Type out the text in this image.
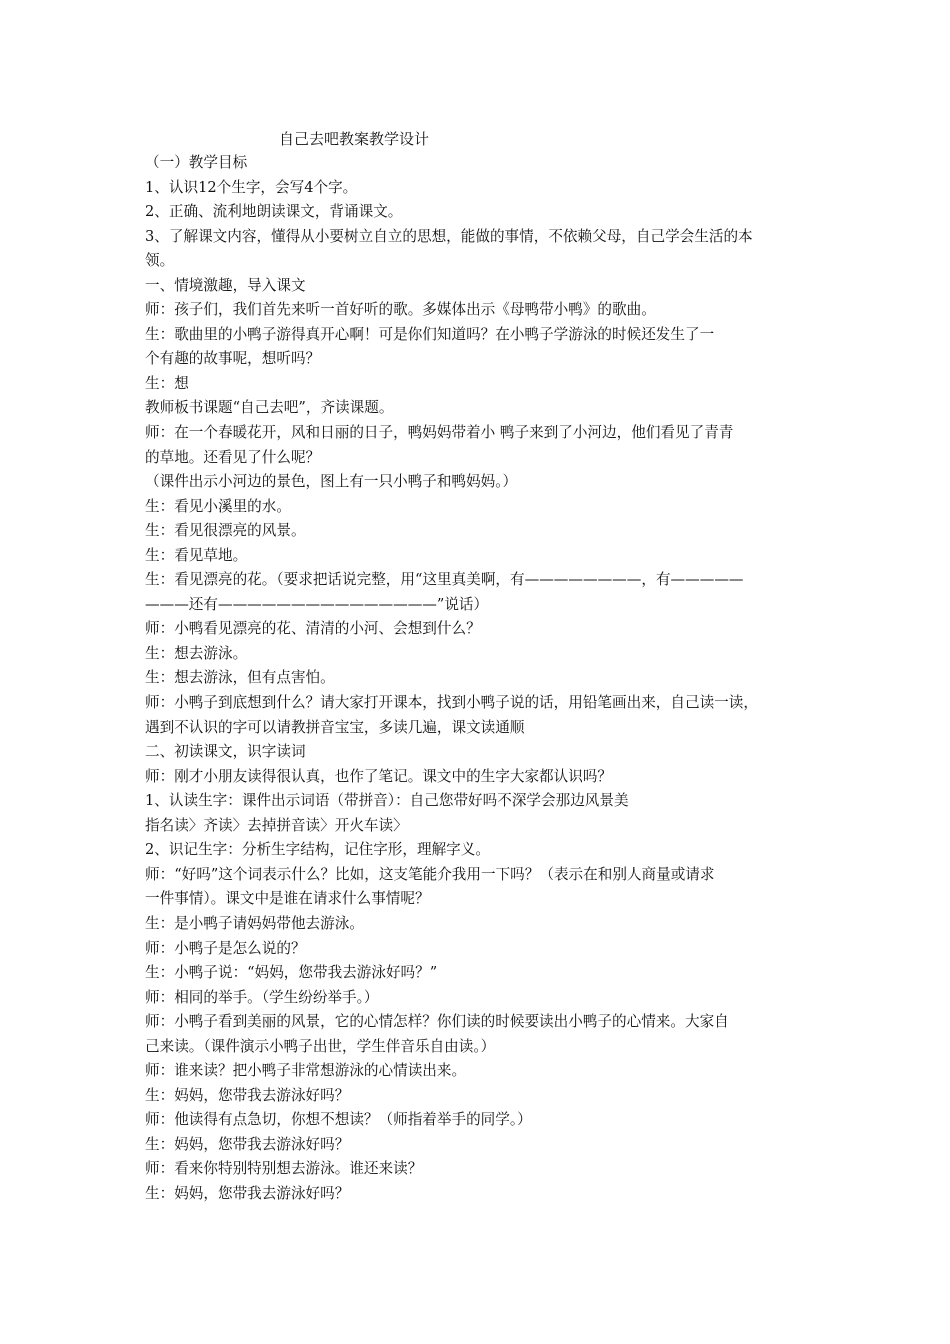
自己去吧教案教学设计

（一）教学目标

1、认识12个生字，会写4个字。

2、正确、流利地朗读课文，背诵课文。

3、了解课文内容，懂得从小要树立自立的思想，能做的事情，不依赖父母，自己学会生活的本

领。

一、情境激趣，导入课文

师：孩子们，我们首先来听一首好听的歌。多媒体出示《母鸭带小鸭》的歌曲。

生：歌曲里的小鸭子游得真开心啊！可是你们知道吗？在小鸭子学游泳的时候还发生了一

个有趣的故事呢，想听吗？

生：想

教师板书课题“自己去吧”，齐读课题。

师：在一个春暖花开，风和日丽的日子，鸭妈妈带着小 鸭子来到了小河边，他们看见了青青

的草地。还看见了什么呢？

（课件出示小河边的景色，图上有一只小鸭子和鸭妈妈。）

生：看见小溪里的水。

生：看见很漂亮的风景。

生：看见草地。

生：看见漂亮的花。（要求把话说完整，用“这里真美啊，有————————，有—————

———还有———————————————”说话）

师：小鸭看见漂亮的花、清清的小河、会想到什么？

生：想去游泳。

生：想去游泳，但有点害怕。

师：小鸭子到底想到什么？请大家打开课本，找到小鸭子说的话，用铅笔画出来，自己读一读，

遇到不认识的字可以请教拼音宝宝，多读几遍，课文读通顺

二、初读课文，识字读词

师：刚才小朋友读得很认真，也作了笔记。课文中的生字大家都认识吗？

1、认读生字：课件出示词语（带拼音）：自己您带好吗不深学会那边风景美

指名读〉齐读〉去掉拼音读〉开火车读〉

2、识记生字：分析生字结构，记住字形，理解字义。

师：“好吗”这个词表示什么？比如，这支笔能介我用一下吗？（表示在和别人商量或请求

一件事情）。课文中是谁在请求什么事情呢？

生：是小鸭子请妈妈带他去游泳。

师：小鸭子是怎么说的？

生：小鸭子说：“妈妈，您带我去游泳好吗？”

师：相同的举手。（学生纷纷举手。）

师：小鸭子看到美丽的风景，它的心情怎样？你们读的时候要读出小鸭子的心情来。大家自

己来读。（课件演示小鸭子出世，学生伴音乐自由读。）

师：谁来读？把小鸭子非常想游泳的心情读出来。

生：妈妈，您带我去游泳好吗？

师：他读得有点急切，你想不想读？（师指着举手的同学。）

生：妈妈，您带我去游泳好吗？

师：看来你特别特别想去游泳。谁还来读？

生：妈妈，您带我去游泳好吗？
